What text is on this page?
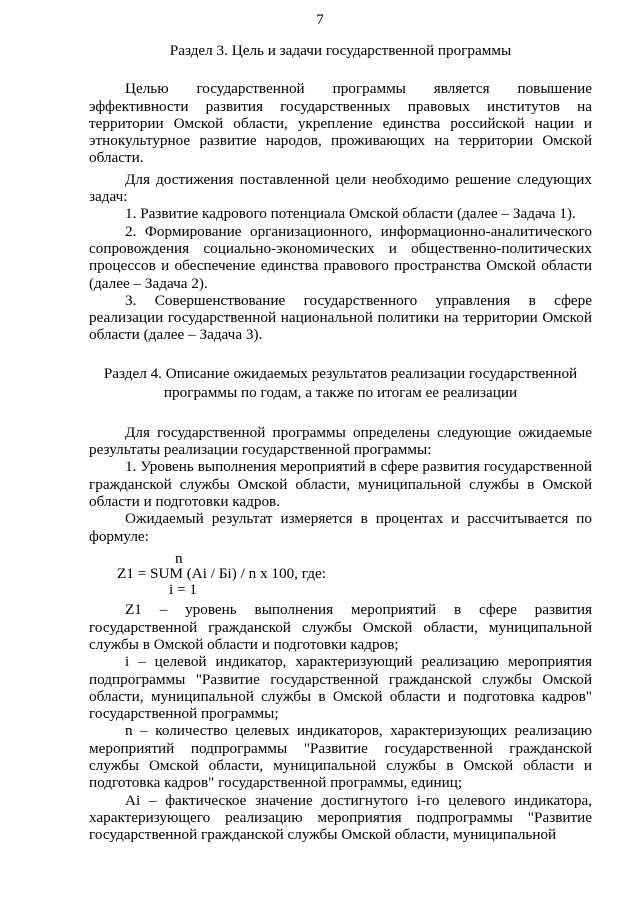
7

Раздел 3. Цель и задачи государственной программы

Целью государственной программы является повышение эффективности развития государственных правовых институтов на территории Омской области, укрепление единства российской нации и этнокультурное развитие народов, проживающих на территории Омской области.

Для достижения поставленной цели необходимо решение следующих задач:

1. Развитие кадрового потенциала Омской области (далее – Задача 1).

2. Формирование организационного, информационно-аналитического сопровождения социально-экономических и общественно-политических процессов и обеспечение единства правового пространства Омской области (далее – Задача 2).

3. Совершенствование государственного управления в сфере реализации государственной национальной политики на территории Омской области (далее – Задача 3).

Раздел 4. Описание ожидаемых результатов реализации государственной
программы по годам, а также по итогам ее реализации

Для государственной программы определены следующие ожидаемые результаты реализации государственной программы:

1. Уровень выполнения мероприятий в сфере развития государственной гражданской службы Омской области, муниципальной службы в Омской области и подготовки кадров.

Ожидаемый результат измеряется в процентах и рассчитывается по формуле:

n
Z1 = SUM (Ai / Бi) / n x 100, где:
i = 1

Z1 – уровень выполнения мероприятий в сфере развития государственной гражданской службы Омской области, муниципальной службы в Омской области и подготовки кадров;

i – целевой индикатор, характеризующий реализацию мероприятия подпрограммы "Развитие государственной гражданской службы Омской области, муниципальной службы в Омской области и подготовка кадров" государственной программы;

n – количество целевых индикаторов, характеризующих реализацию мероприятий подпрограммы "Развитие государственной гражданской службы Омской области, муниципальной службы в Омской области и подготовка кадров" государственной программы, единиц;

Ai – фактическое значение достигнутого i-го целевого индикатора, характеризующего реализацию мероприятия подпрограммы "Развитие государственной гражданской службы Омской области, муниципальной
